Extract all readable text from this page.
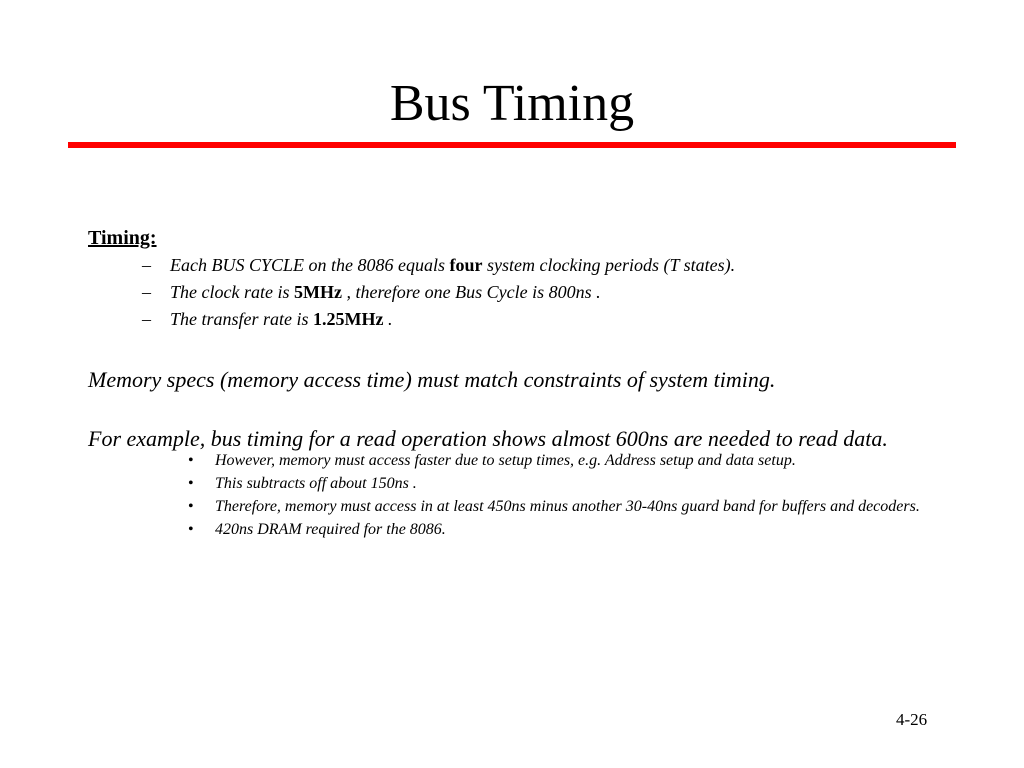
Bus Timing

Timing:

– Each BUS CYCLE on the 8086 equals four system clocking periods (T states).
– The clock rate is 5MHz , therefore one Bus Cycle is 800ns .
– The transfer rate is 1.25MHz .

Memory specs (memory access time) must match constraints of system timing.

For example, bus timing for a read operation shows almost 600ns are needed to read data.

• However, memory must access faster due to setup times, e.g. Address setup and data setup.
• This subtracts off about 150ns .
• Therefore, memory must access in at least 450ns minus another 30-40ns guard band for buffers and decoders.
• 420ns DRAM required for the 8086.
4-26
